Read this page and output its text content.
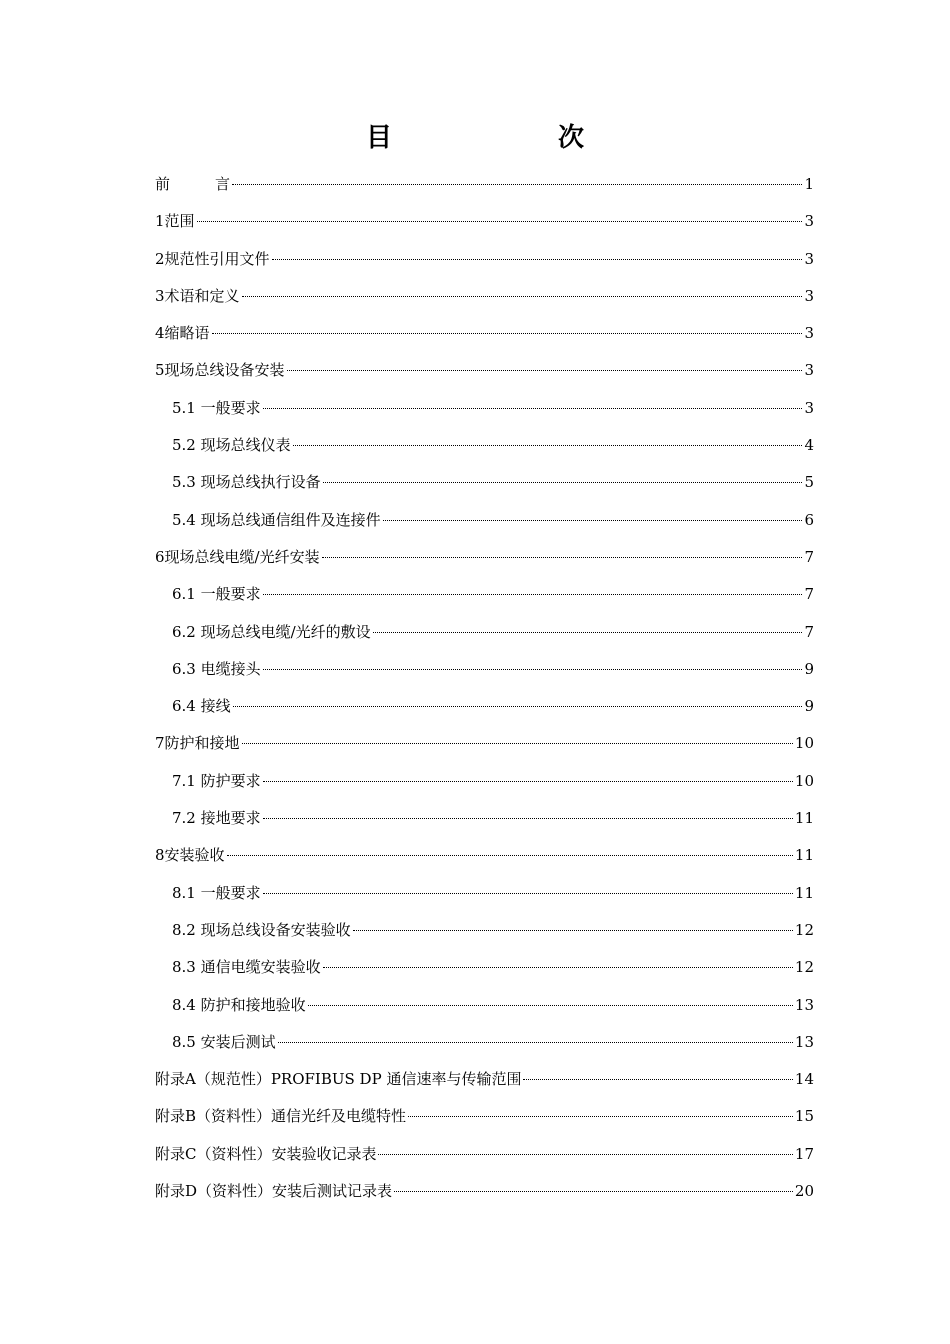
目　　次
前　　　言	1
1范围	3
2规范性引用文件	3
3术语和定义	3
4缩略语	3
5现场总线设备安装	3
5.1 一般要求	3
5.2 现场总线仪表	4
5.3 现场总线执行设备	5
5.4 现场总线通信组件及连接件	6
6现场总线电缆/光纤安装	7
6.1 一般要求	7
6.2 现场总线电缆/光纤的敷设	7
6.3 电缆接头	9
6.4 接线	9
7防护和接地	10
7.1 防护要求	10
7.2 接地要求	11
8安装验收	11
8.1 一般要求	11
8.2 现场总线设备安装验收	12
8.3 通信电缆安装验收	12
8.4 防护和接地验收	13
8.5 安装后测试	13
附录A（规范性）PROFIBUS DP 通信速率与传输范围	14
附录B（资料性）通信光纤及电缆特性	15
附录C（资料性）安装验收记录表	17
附录D（资料性）安装后测试记录表	20
